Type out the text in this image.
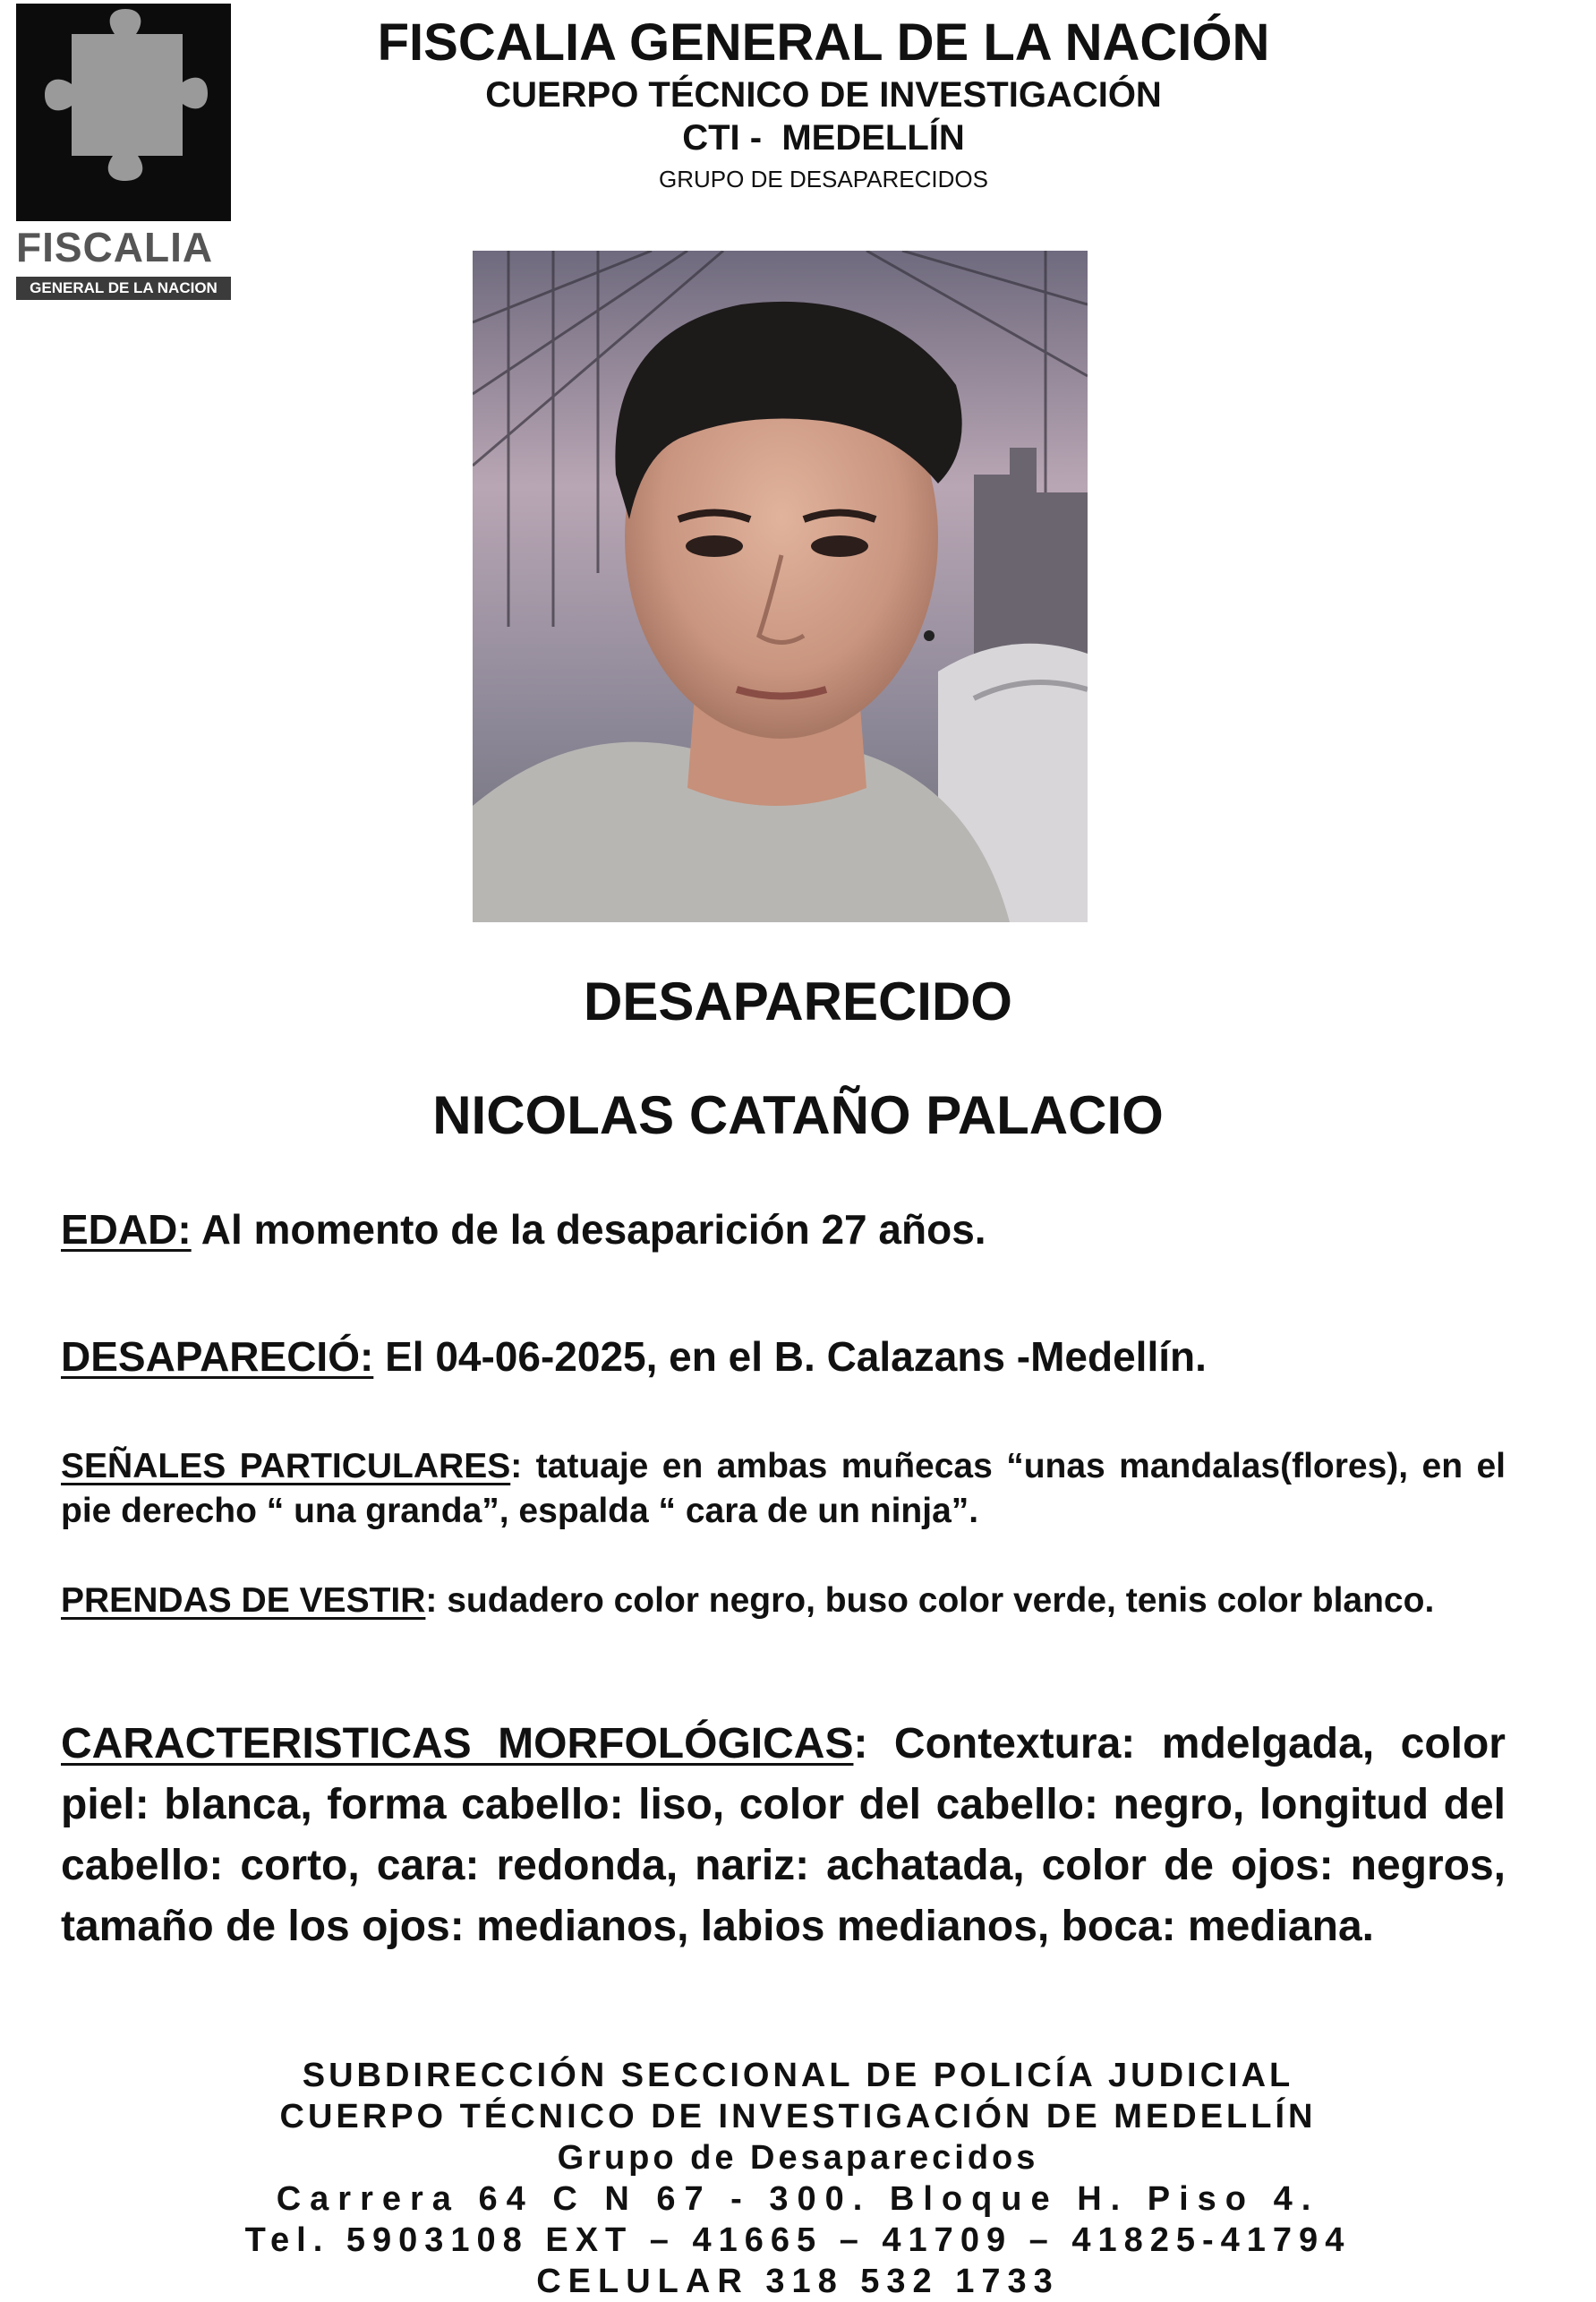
FISCALIA
GENERAL DE LA NACION
FISCALIA GENERAL DE LA NACIÓN
CUERPO TÉCNICO DE INVESTIGACIÓN
CTI -  MEDELLÍN
GRUPO DE DESAPARECIDOS
DESAPARECIDO
NICOLAS CATAÑO PALACIO
EDAD: Al momento de la desaparición 27 años.
DESAPARECIÓ: El 04-06-2025, en el B. Calazans -Medellín.
SEÑALES PARTICULARES: tatuaje en ambas muñecas “unas mandalas(flores), en el pie derecho “ una granda”, espalda “ cara de un ninja”.
PRENDAS DE VESTIR: sudadero color negro, buso color verde, tenis color blanco.
CARACTERISTICAS MORFOLÓGICAS: Contextura: mdelgada, color piel: blanca, forma cabello: liso, color del cabello: negro, longitud del cabello: corto, cara: redonda, nariz: achatada, color de ojos: negros, tamaño de los ojos: medianos, labios medianos, boca: mediana.
SUBDIRECCIÓN SECCIONAL DE POLICÍA JUDICIAL
CUERPO TÉCNICO DE INVESTIGACIÓN DE MEDELLÍN
Grupo de Desaparecidos
Carrera 64 C N 67 - 300. Bloque H. Piso 4.
Tel. 5903108 EXT – 41665 – 41709 – 41825-41794
CELULAR 318 532 1733
